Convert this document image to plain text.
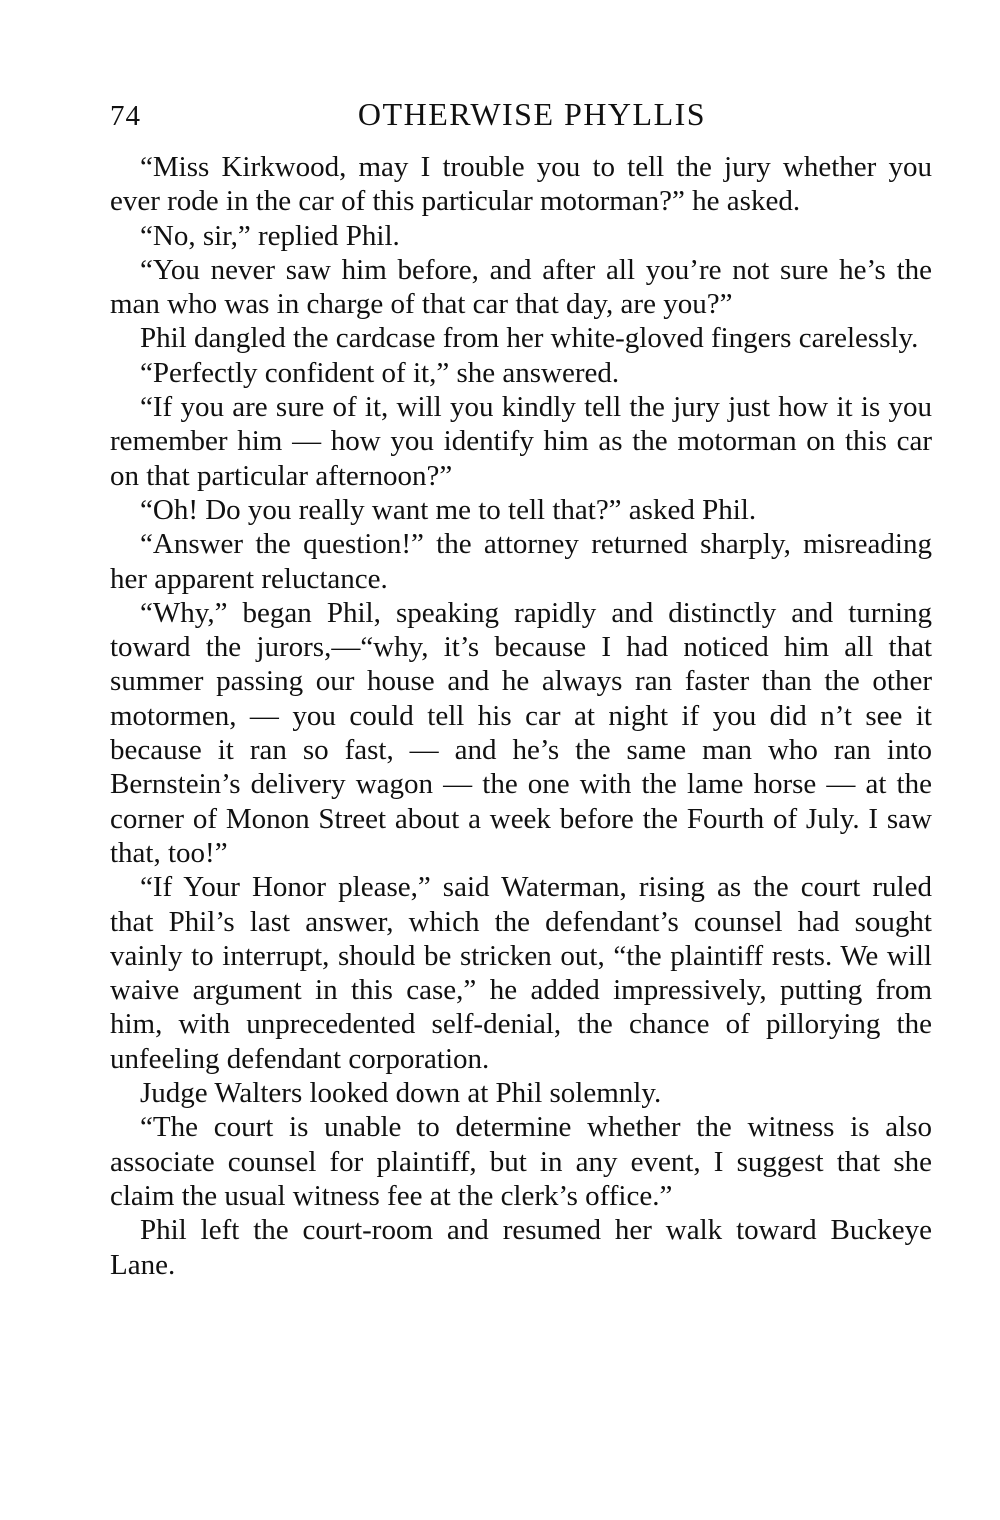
74	OTHERWISE PHYLLIS

“Miss Kirkwood, may I trouble you to tell the jury whether you ever rode in the car of this particular motorman?” he asked.

“No, sir,” replied Phil.

“You never saw him before, and after all you’re not sure he’s the man who was in charge of that car that day, are you?”

Phil dangled the cardcase from her white-gloved fingers carelessly.

“Perfectly confident of it,” she answered.

“If you are sure of it, will you kindly tell the jury just how it is you remember him — how you identify him as the motorman on this car on that particular afternoon?”

“Oh! Do you really want me to tell that?” asked Phil.

“Answer the question!” the attorney returned sharply, misreading her apparent reluctance.

“Why,” began Phil, speaking rapidly and distinctly and turning toward the jurors,—“why, it’s because I had noticed him all that summer passing our house and he always ran faster than the other motormen, — you could tell his car at night if you did n’t see it because it ran so fast, — and he’s the same man who ran into Bernstein’s delivery wagon — the one with the lame horse — at the corner of Monon Street about a week before the Fourth of July. I saw that, too!”

“If Your Honor please,” said Waterman, rising as the court ruled that Phil’s last answer, which the defendant’s counsel had sought vainly to interrupt, should be stricken out, “the plaintiff rests. We will waive argument in this case,” he added impressively, putting from him, with unprecedented self-denial, the chance of pillorying the unfeeling defendant corporation.

Judge Walters looked down at Phil solemnly.

“The court is unable to determine whether the witness is also associate counsel for plaintiff, but in any event, I suggest that she claim the usual witness fee at the clerk’s office.”

Phil left the court-room and resumed her walk toward Buckeye Lane.
